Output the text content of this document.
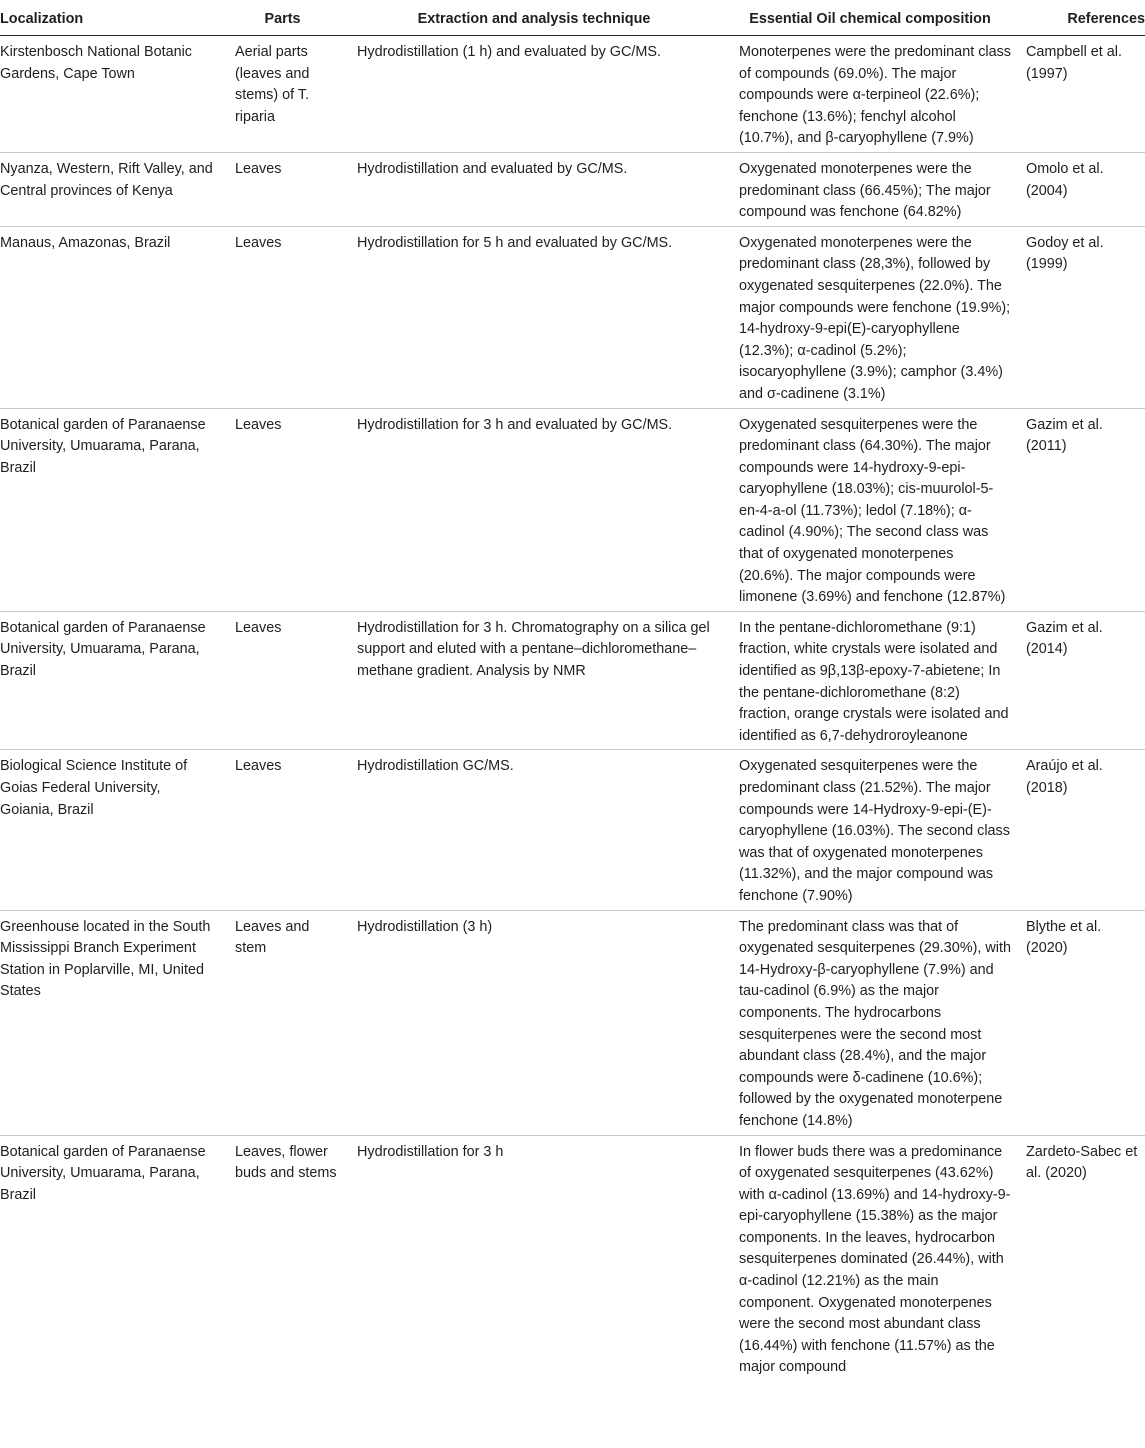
Localization	Parts	Extraction and analysis technique	Essential Oil chemical composition	References
Kirstenbosch National Botanic Gardens, Cape Town	Aerial parts (leaves and stems) of T. riparia	Hydrodistillation (1 h) and evaluated by GC/MS.	Monoterpenes were the predominant class of compounds (69.0%). The major compounds were α-terpineol (22.6%); fenchone (13.6%); fenchyl alcohol (10.7%), and β-caryophyllene (7.9%)	Campbell et al. (1997)
Nyanza, Western, Rift Valley, and Central provinces of Kenya	Leaves	Hydrodistillation and evaluated by GC/MS.	Oxygenated monoterpenes were the predominant class (66.45%); The major compound was fenchone (64.82%)	Omolo et al. (2004)
Manaus, Amazonas, Brazil	Leaves	Hydrodistillation for 5 h and evaluated by GC/MS.	Oxygenated monoterpenes were the predominant class (28,3%), followed by oxygenated sesquiterpenes (22.0%). The major compounds were fenchone (19.9%); 14-hydroxy-9-epi(E)-caryophyllene (12.3%); α-cadinol (5.2%); isocaryophyllene (3.9%); camphor (3.4%) and σ-cadinene (3.1%)	Godoy et al. (1999)
Botanical garden of Paranaense University, Umuarama, Parana, Brazil	Leaves	Hydrodistillation for 3 h and evaluated by GC/MS.	Oxygenated sesquiterpenes were the predominant class (64.30%). The major compounds were 14-hydroxy-9-epi-caryophyllene (18.03%); cis-muurolol-5-en-4-a-ol (11.73%); ledol (7.18%); α-cadinol (4.90%); The second class was that of oxygenated monoterpenes (20.6%). The major compounds were limonene (3.69%) and fenchone (12.87%)	Gazim et al. (2011)
Botanical garden of Paranaense University, Umuarama, Parana, Brazil	Leaves	Hydrodistillation for 3 h. Chromatography on a silica gel support and eluted with a pentane–dichloromethane–methane gradient. Analysis by NMR	In the pentane-dichloromethane (9:1) fraction, white crystals were isolated and identified as 9β,13β-epoxy-7-abietene; In the pentane-dichloromethane (8:2) fraction, orange crystals were isolated and identified as 6,7-dehydroroyleanone	Gazim et al. (2014)
Biological Science Institute of Goias Federal University, Goiania, Brazil	Leaves	Hydrodistillation GC/MS.	Oxygenated sesquiterpenes were the predominant class (21.52%). The major compounds were 14-Hydroxy-9-epi-(E)-caryophyllene (16.03%). The second class was that of oxygenated monoterpenes (11.32%), and the major compound was fenchone (7.90%)	Araújo et al. (2018)
Greenhouse located in the South Mississippi Branch Experiment Station in Poplarville, MI, United States	Leaves and stem	Hydrodistillation (3 h)	The predominant class was that of oxygenated sesquiterpenes (29.30%), with 14-Hydroxy-β-caryophyllene (7.9%) and tau-cadinol (6.9%) as the major components. The hydrocarbons sesquiterpenes were the second most abundant class (28.4%), and the major compounds were δ-cadinene (10.6%); followed by the oxygenated monoterpene fenchone (14.8%)	Blythe et al. (2020)
Botanical garden of Paranaense University, Umuarama, Parana, Brazil	Leaves, flower buds and stems	Hydrodistillation for 3 h	In flower buds there was a predominance of oxygenated sesquiterpenes (43.62%) with α-cadinol (13.69%) and 14-hydroxy-9-epi-caryophyllene (15.38%) as the major components. In the leaves, hydrocarbon sesquiterpenes dominated (26.44%), with α-cadinol (12.21%) as the main component. Oxygenated monoterpenes were the second most abundant class (16.44%) with fenchone (11.57%) as the major compound	Zardeto-Sabec et al. (2020)
